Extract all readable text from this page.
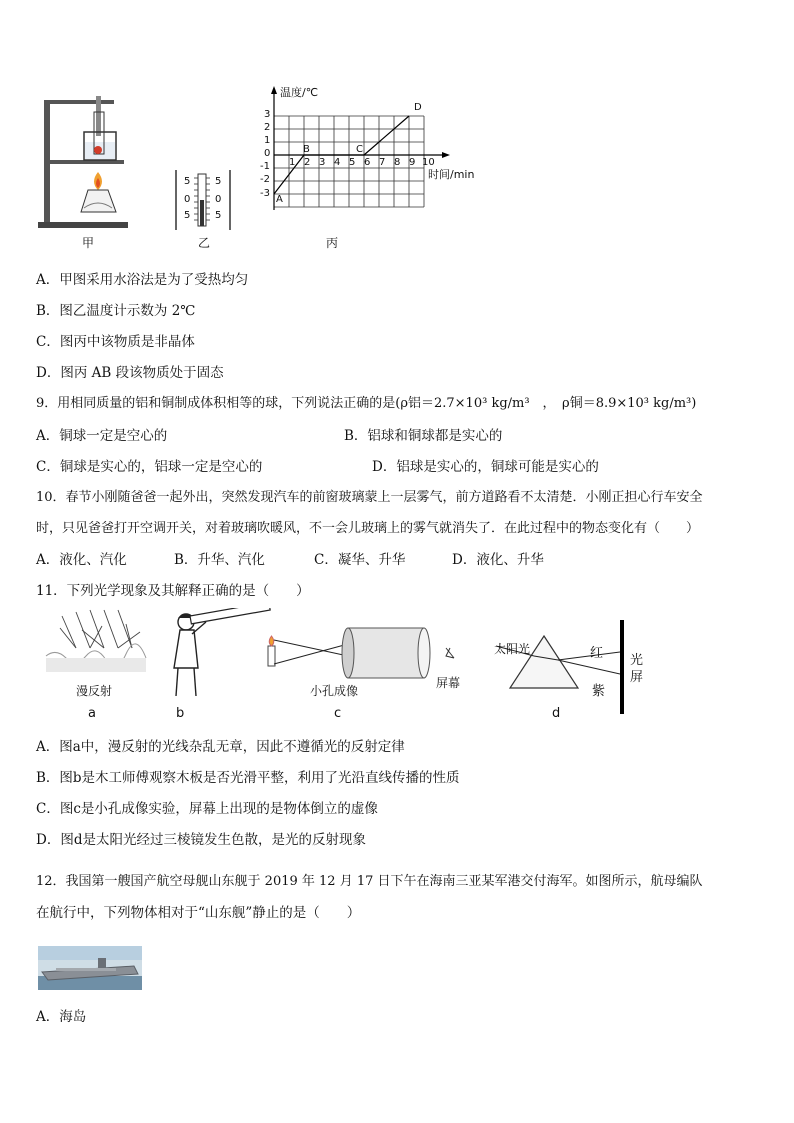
甲
5
0
5
5
0
5
乙
温度/℃
时间/min
3
2
1
0
-1
-2
-3
1 2 3 4 5 6 7 8 9 10
A
B	C
D
丙
A．甲图采用水浴法是为了受热均匀
B．图乙温度计示数为 2℃
C．图丙中该物质是非晶体
D．图丙 AB 段该物质处于固态
9．用相同质量的铝和铜制成体积相等的球，下列说法正确的是(ρ铝＝2.7×10³ kg/m³　，　ρ铜＝8.9×10³ kg/m³)
A．铜球一定是空心的	B．铝球和铜球都是实心的
C．铜球是实心的，铝球一定是空心的	D．铝球是实心的，铜球可能是实心的
10．春节小刚随爸爸一起外出，突然发现汽车的前窗玻璃蒙上一层雾气，前方道路看不太清楚．小刚正担心行车安全
时，只见爸爸打开空调开关，对着玻璃吹暖风，不一会儿玻璃上的雾气就消失了．在此过程中的物态变化有（　　）
A．液化、汽化	B．升华、汽化	C．凝华、升华	D．液化、升华
11．下列光学现象及其解释正确的是（　　）
漫反射
a	b
小孔成像
屏幕
c
太阳光	红
紫
光屏
d
A．图a中，漫反射的光线杂乱无章，因此不遵循光的反射定律
B．图b是木工师傅观察木板是否光滑平整，利用了光沿直线传播的性质
C．图c是小孔成像实验，屏幕上出现的是物体倒立的虚像
D．图d是太阳光经过三棱镜发生色散，是光的反射现象
12．我国第一艘国产航空母舰山东舰于 2019 年 12 月 17 日下午在海南三亚某军港交付海军。如图所示，航母编队
在航行中，下列物体相对于“山东舰”静止的是（　　）
A．海岛
